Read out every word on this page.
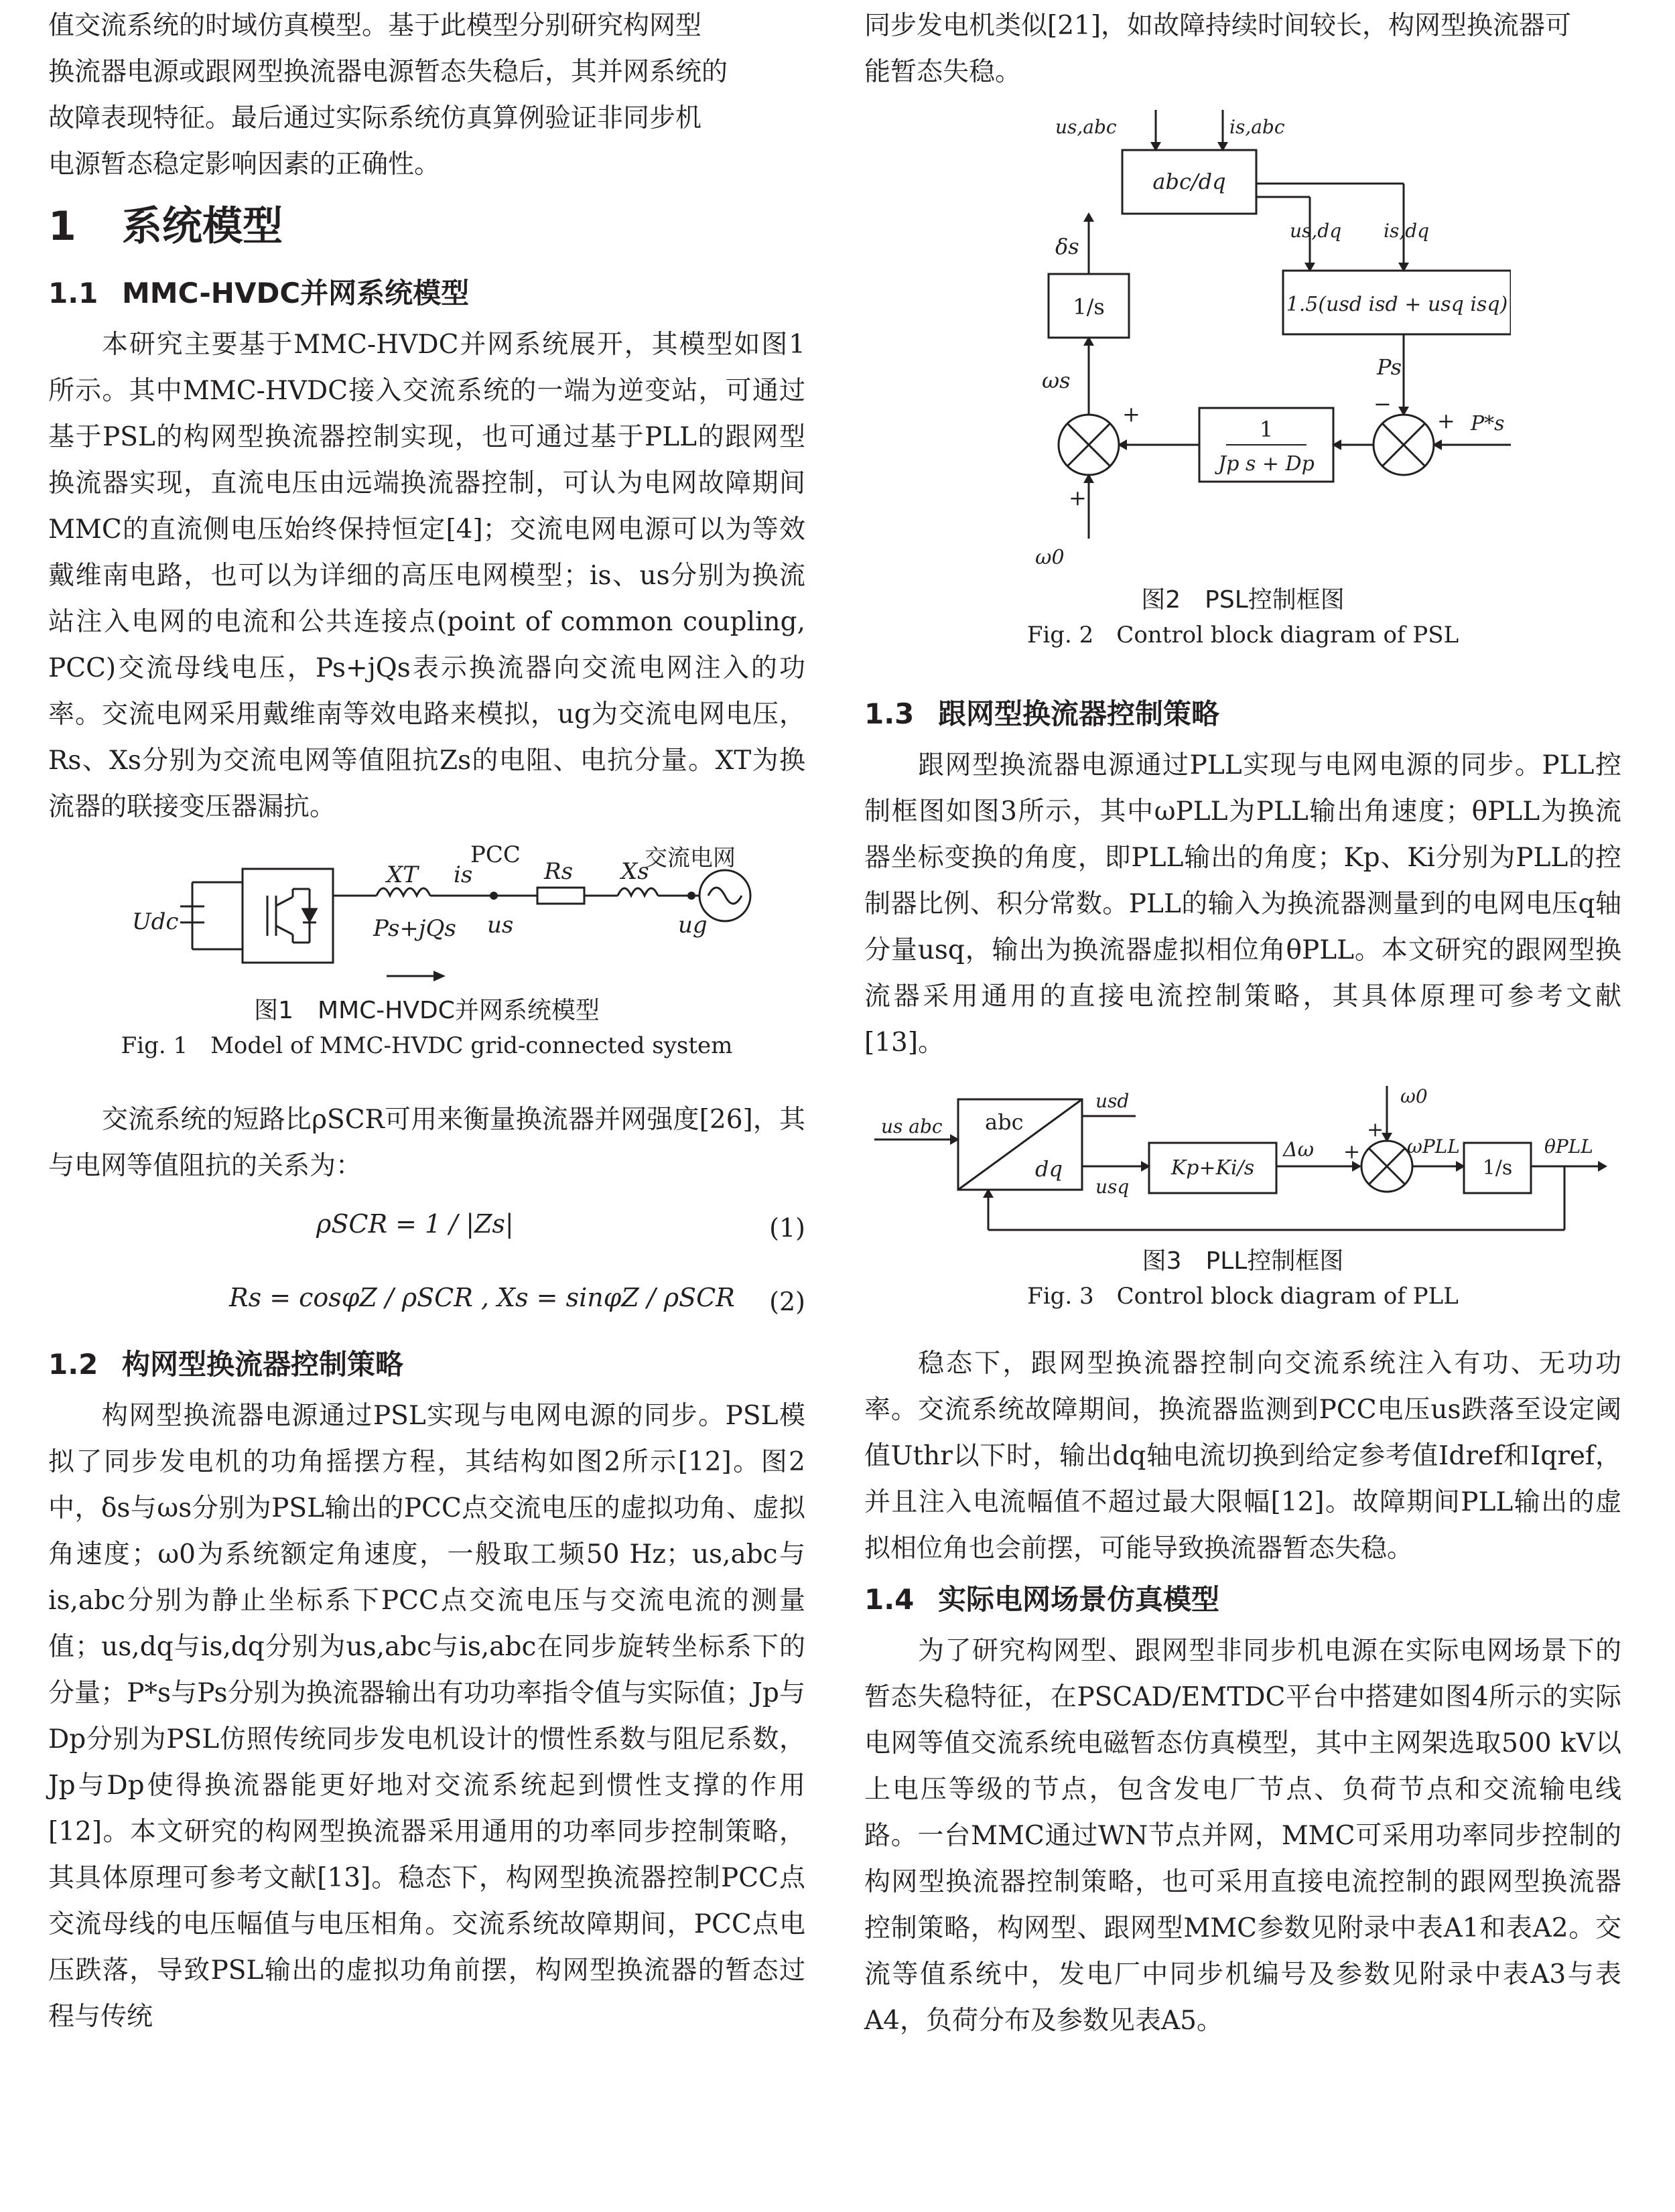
值交流系统的时域仿真模型。基于此模型分别研究构网型

换流器电源或跟网型换流器电源暂态失稳后，其并网系统的

故障表现特征。最后通过实际系统仿真算例验证非同步机

电源暂态稳定影响因素的正确性。

1 系统模型
1.1 MMC-HVDC并网系统模型

本研究主要基于MMC-HVDC并网系统展开，其模型如图1所示。其中MMC-HVDC接入交流系统的一端为逆变站，可通过基于PSL的构网型换流器控制实现，也可通过基于PLL的跟网型换流器实现，直流电压由远端换流器控制，可认为电网故障期间MMC的直流侧电压始终保持恒定[4]；交流电网电源可以为等效戴维南电路，也可以为详细的高压电网模型；is、us分别为换流站注入电网的电流和公共连接点(point of common coupling, PCC)交流母线电压，Ps+jQs表示换流器向交流电网注入的功率。交流电网采用戴维南等效电路来模拟，ug为交流电网电压，Rs、Xs分别为交流电网等值阻抗Zs的电阻、电抗分量。XT为换流器的联接变压器漏抗。

Udc
XT is
PCC
Rs Xs
交流电网
Ps+jQs us	ug

图1　MMC-HVDC并网系统模型

Fig. 1　Model of MMC-HVDC grid-connected system

交流系统的短路比ρSCR可用来衡量换流器并网强度[26]，其与电网等值阻抗的关系为：

ρSCR = 1 / |Zs|	(1)
Rs = cosφZ / ρSCR , Xs = sinφZ / ρSCR (2)
1.2 构网型换流器控制策略

构网型换流器电源通过PSL实现与电网电源的同步。PSL模拟了同步发电机的功角摇摆方程，其结构如图2所示[12]。图2中，δs与ωs分别为PSL输出的PCC点交流电压的虚拟功角、虚拟角速度；ω0为系统额定角速度，一般取工频50 Hz；us,abc与is,abc分别为静止坐标系下PCC点交流电压与交流电流的测量值；us,dq与is,dq分别为us,abc与is,abc在同步旋转坐标系下的分量；P*s与Ps分别为换流器输出有功功率指令值与实际值；Jp与Dp分别为PSL仿照传统同步发电机设计的惯性系数与阻尼系数，Jp与Dp使得换流器能更好地对交流系统起到惯性支撑的作用[12]。本文研究的构网型换流器采用通用的功率同步控制策略，其具体原理可参考文献[13]。稳态下，构网型换流器控制PCC点交流母线的电压幅值与电压相角。交流系统故障期间，PCC点电压跌落，导致PSL输出的虚拟功角前摆，构网型换流器的暂态过程与传统

同步发电机类似[21]，如故障持续时间较长，构网型换流器可

能暂态失稳。

abc/dq
us,abc	is,abc
δs
1/s
us,dq is,dq
1.5(usd isd + usq isq)
Ps
ωs
1
Jp s + Dp
P*s
ω0
+
+
−
+

图2　PSL控制框图

Fig. 2　Control block diagram of PSL

1.3 跟网型换流器控制策略

跟网型换流器电源通过PLL实现与电网电源的同步。PLL控制框图如图3所示，其中ωPLL为PLL输出角速度；θPLL为换流器坐标变换的角度，即PLL输出的角度；Kp、Ki分别为PLL的控制器比例、积分常数。PLL的输入为换流器测量到的电网电压q轴分量usq，输出为换流器虚拟相位角θPLL。本文研究的跟网型换流器采用通用的直接电流控制策略，其具体原理可参考文献[13]。

us abc abc
dq
usd
usq
Kp+Ki/s
Δω
ω0
ωPLL
1/s
θPLL
+
+

图3　PLL控制框图

Fig. 3　Control block diagram of PLL

稳态下，跟网型换流器控制向交流系统注入有功、无功功率。交流系统故障期间，换流器监测到PCC电压us跌落至设定阈值Uthr以下时，输出dq轴电流切换到给定参考值Idref和Iqref，并且注入电流幅值不超过最大限幅[12]。故障期间PLL输出的虚拟相位角也会前摆，可能导致换流器暂态失稳。

1.4 实际电网场景仿真模型

为了研究构网型、跟网型非同步机电源在实际电网场景下的暂态失稳特征，在PSCAD/EMTDC平台中搭建如图4所示的实际电网等值交流系统电磁暂态仿真模型，其中主网架选取500 kV以上电压等级的节点，包含发电厂节点、负荷节点和交流输电线路。一台MMC通过WN节点并网，MMC可采用功率同步控制的构网型换流器控制策略，也可采用直接电流控制的跟网型换流器控制策略，构网型、跟网型MMC参数见附录中表A1和表A2。交流等值系统中，发电厂中同步机编号及参数见附录中表A3与表A4，负荷分布及参数见表A5。
